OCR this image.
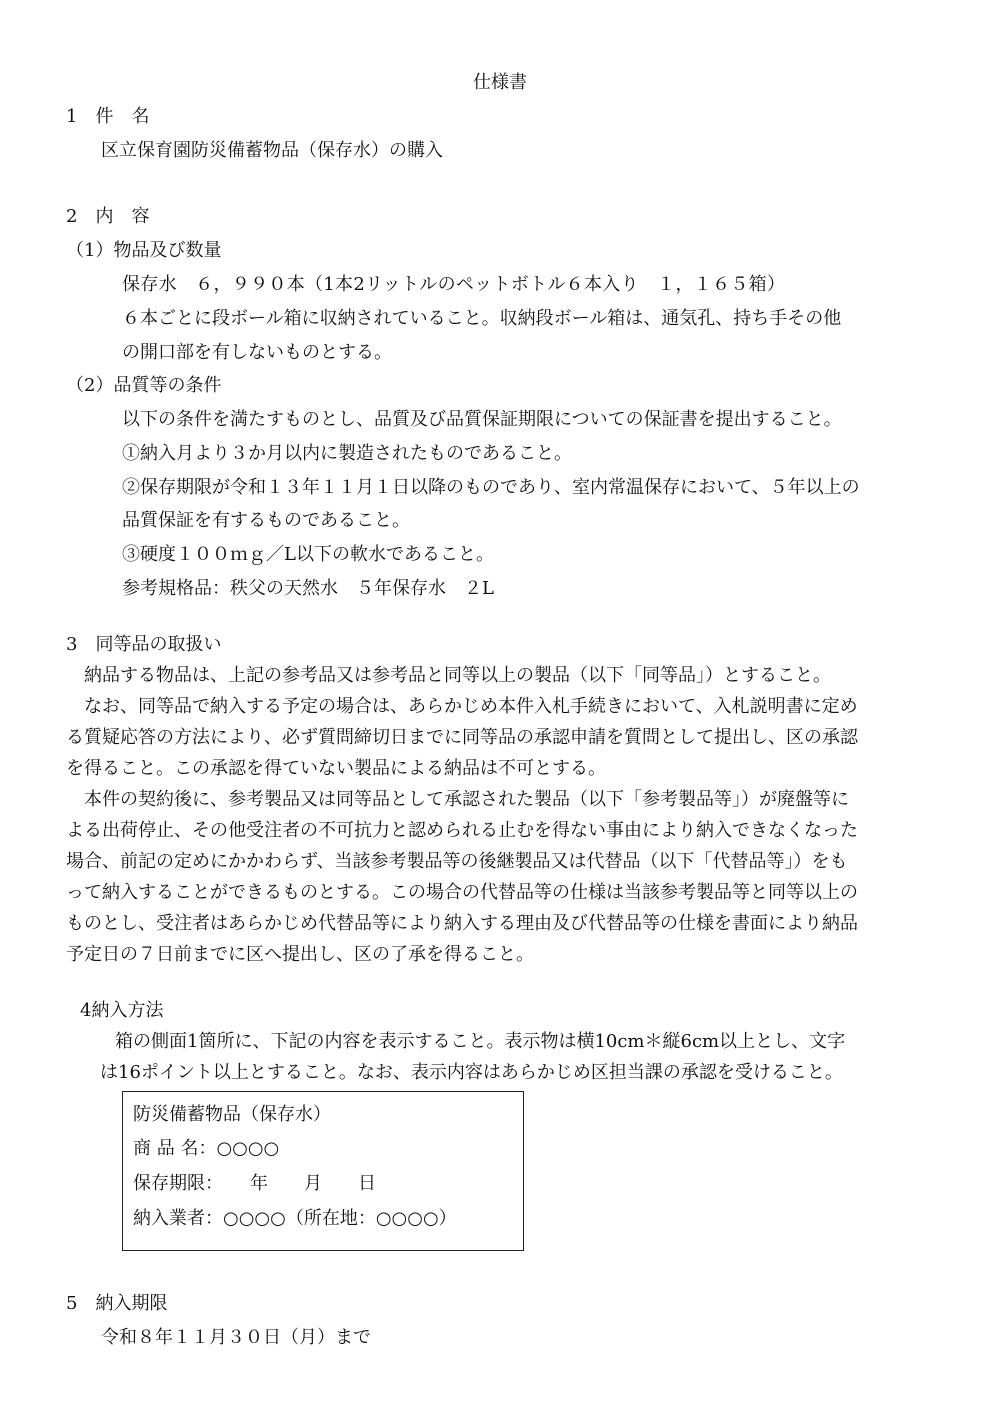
仕様書

1　件　名

区立保育園防災備蓄物品（保存水）の購入

2　内　容

（1）物品及び数量

保存水　６，９９０本（1本2リットルのペットボトル６本入り　１，１６５箱）

６本ごとに段ボール箱に収納されていること。収納段ボール箱は、通気孔、持ち手その他

の開口部を有しないものとする。

（2）品質等の条件

以下の条件を満たすものとし、品質及び品質保証期限についての保証書を提出すること。

①納入月より３か月以内に製造されたものであること。

②保存期限が令和１３年１１月１日以降のものであり、室内常温保存において、５年以上の

品質保証を有するものであること。

③硬度１００ｍｇ／L以下の軟水であること。

参考規格品：秩父の天然水　５年保存水　２L

3　同等品の取扱い

　納品する物品は、上記の参考品又は参考品と同等以上の製品（以下「同等品」）とすること。

　なお、同等品で納入する予定の場合は、あらかじめ本件入札手続きにおいて、入札説明書に定め

る質疑応答の方法により、必ず質問締切日までに同等品の承認申請を質問として提出し、区の承認

を得ること。この承認を得ていない製品による納品は不可とする。

　本件の契約後に、参考製品又は同等品として承認された製品（以下「参考製品等」）が廃盤等に

よる出荷停止、その他受注者の不可抗力と認められる止むを得ない事由により納入できなくなった

場合、前記の定めにかかわらず、当該参考製品等の後継製品又は代替品（以下「代替品等」）をも

って納入することができるものとする。この場合の代替品等の仕様は当該参考製品等と同等以上の

ものとし、受注者はあらかじめ代替品等により納入する理由及び代替品等の仕様を書面により納品

予定日の７日前までに区へ提出し、区の了承を得ること。

4納入方法

箱の側面1箇所に、下記の内容を表示すること。表示物は横10cm＊縦6cm以上とし、文字

は16ポイント以上とすること。なお、表示内容はあらかじめ区担当課の承認を受けること。

防災備蓄物品（保存水）
商 品 名：○○○○
保存期限：　　年　　月　　日
納入業者：○○○○（所在地：○○○○）

5　納入期限

令和８年１１月３０日（月）まで
